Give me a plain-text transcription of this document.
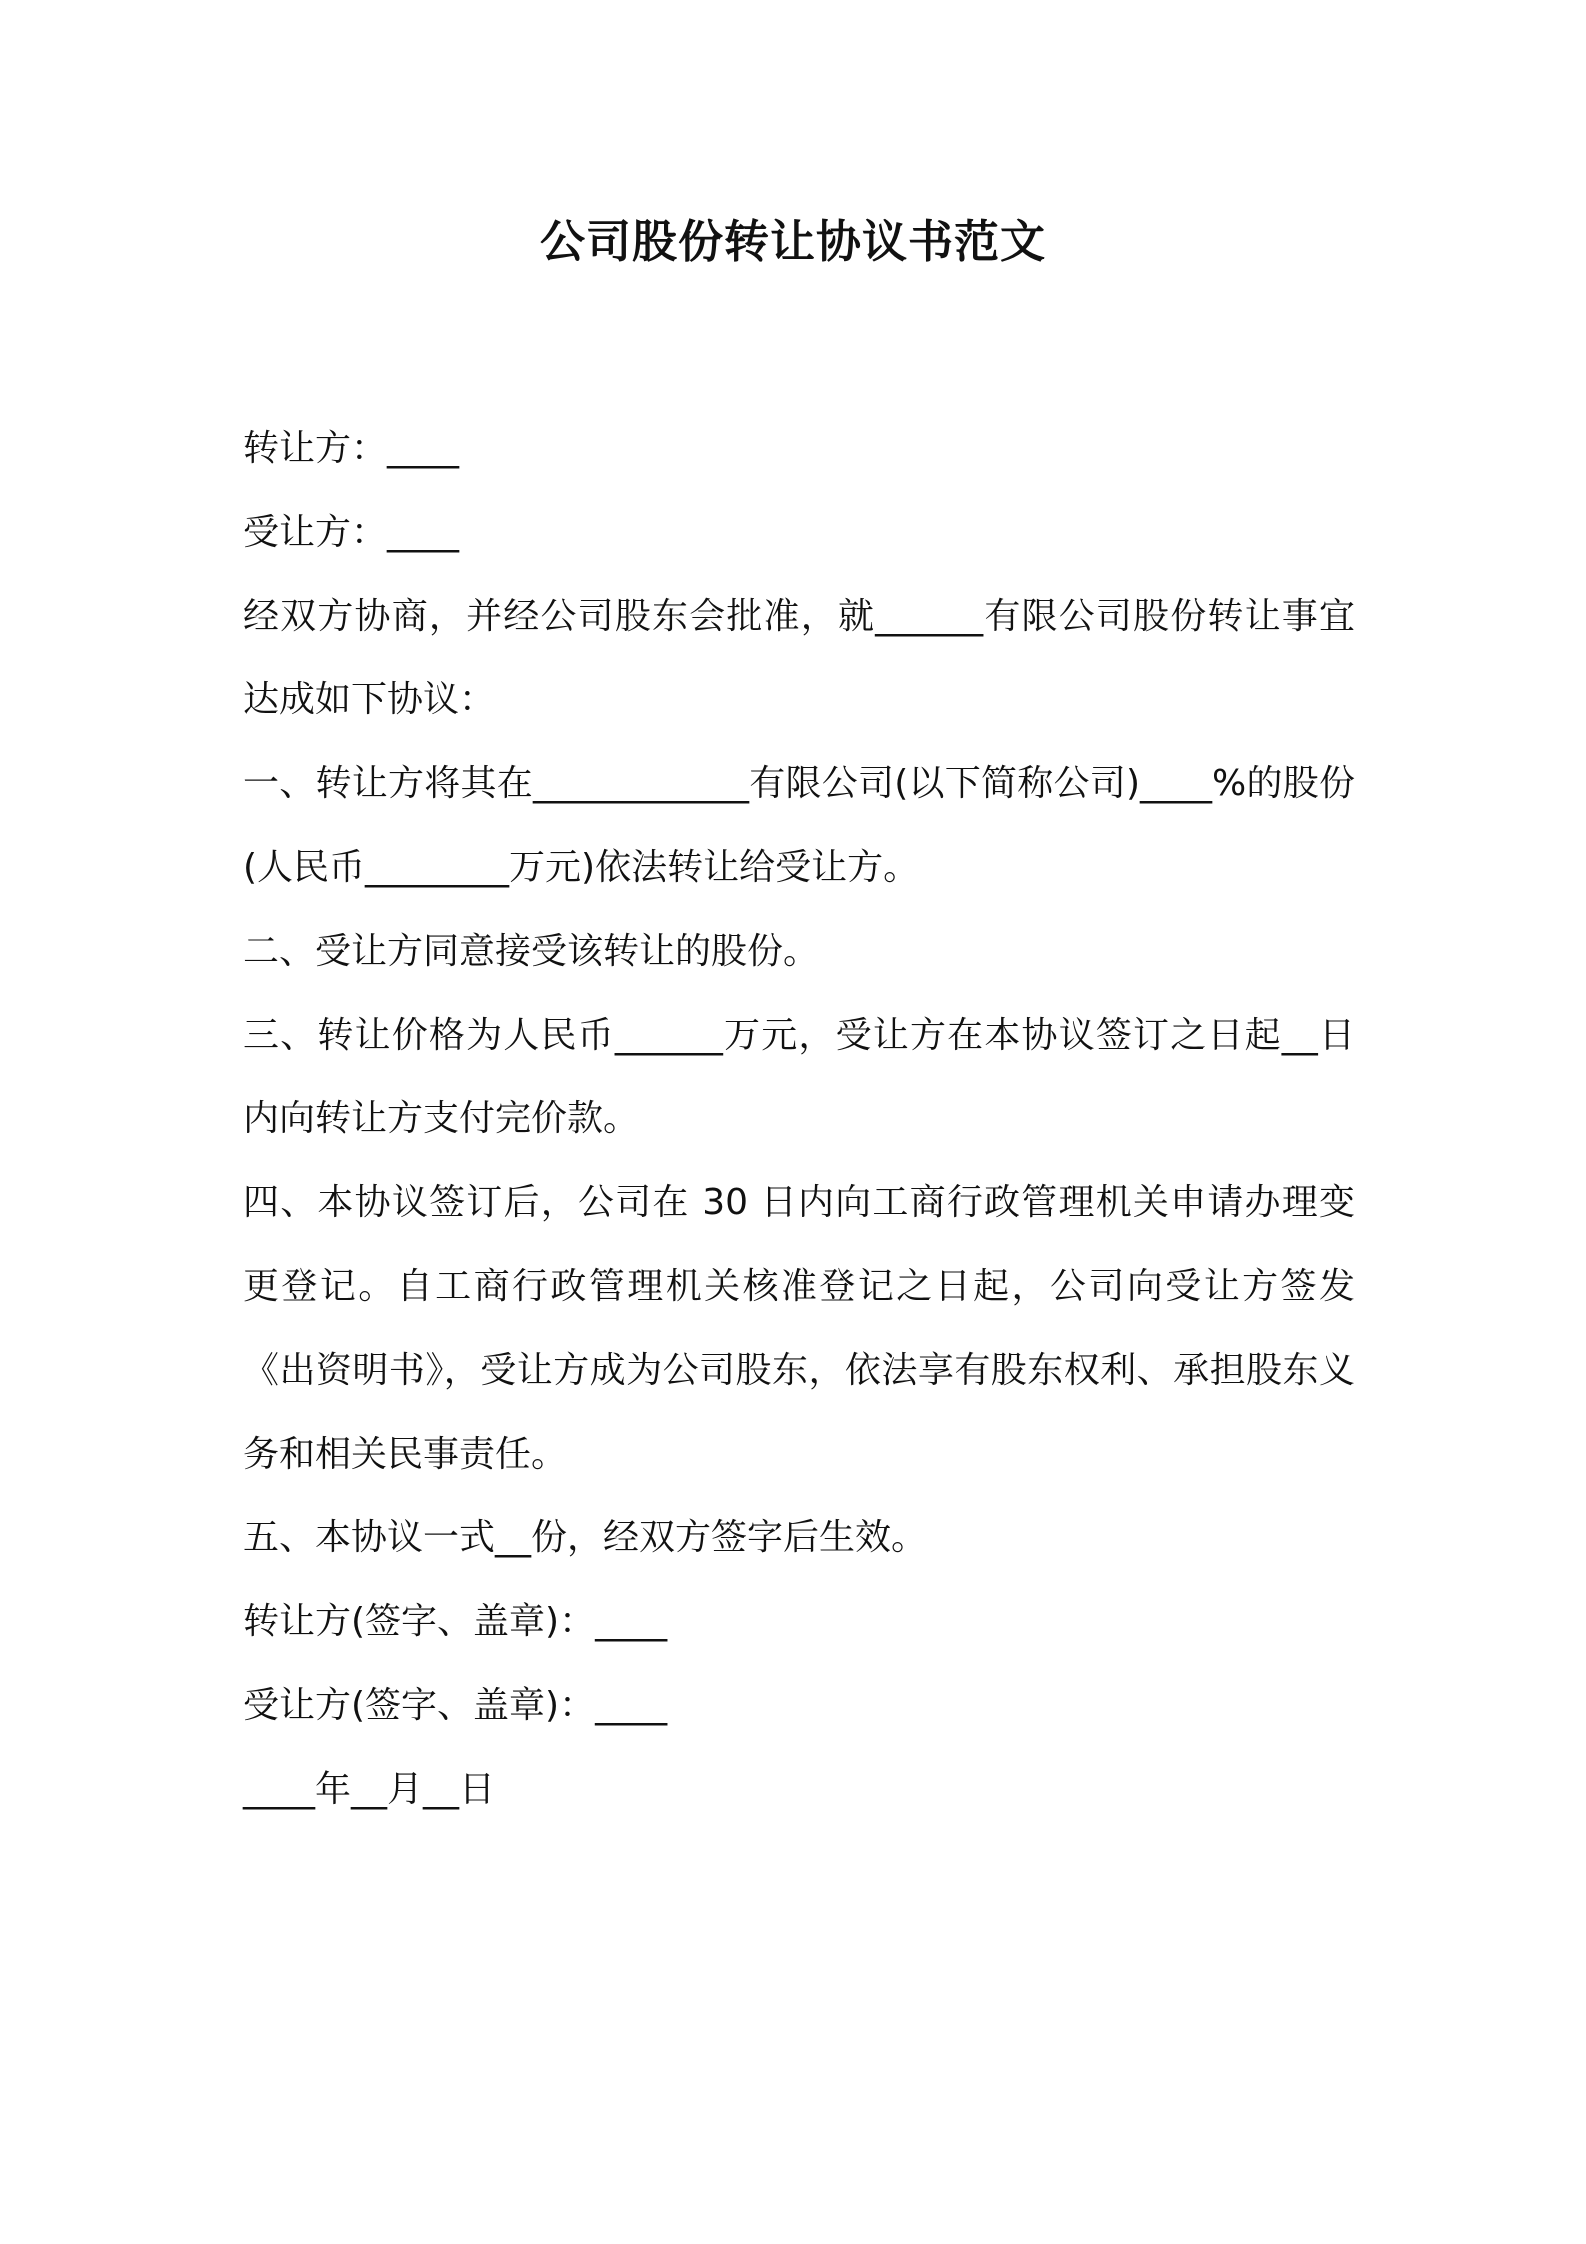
公司股份转让协议书范文

转让方：____

受让方：____

经双方协商，并经公司股东会批准，就______有限公司股份转让事宜达成如下协议：

一、转让方将其在____________有限公司(以下简称公司)____%的股份(人民币________万元)依法转让给受让方。

二、受让方同意接受该转让的股份。

三、转让价格为人民币______万元，受让方在本协议签订之日起__日内向转让方支付完价款。

四、本协议签订后，公司在 30 日内向工商行政管理机关申请办理变更登记。自工商行政管理机关核准登记之日起，公司向受让方签发《出资明书》，受让方成为公司股东，依法享有股东权利、承担股东义务和相关民事责任。

五、本协议一式__份，经双方签字后生效。

转让方(签字、盖章)：____

受让方(签字、盖章)：____

____年__月__日
